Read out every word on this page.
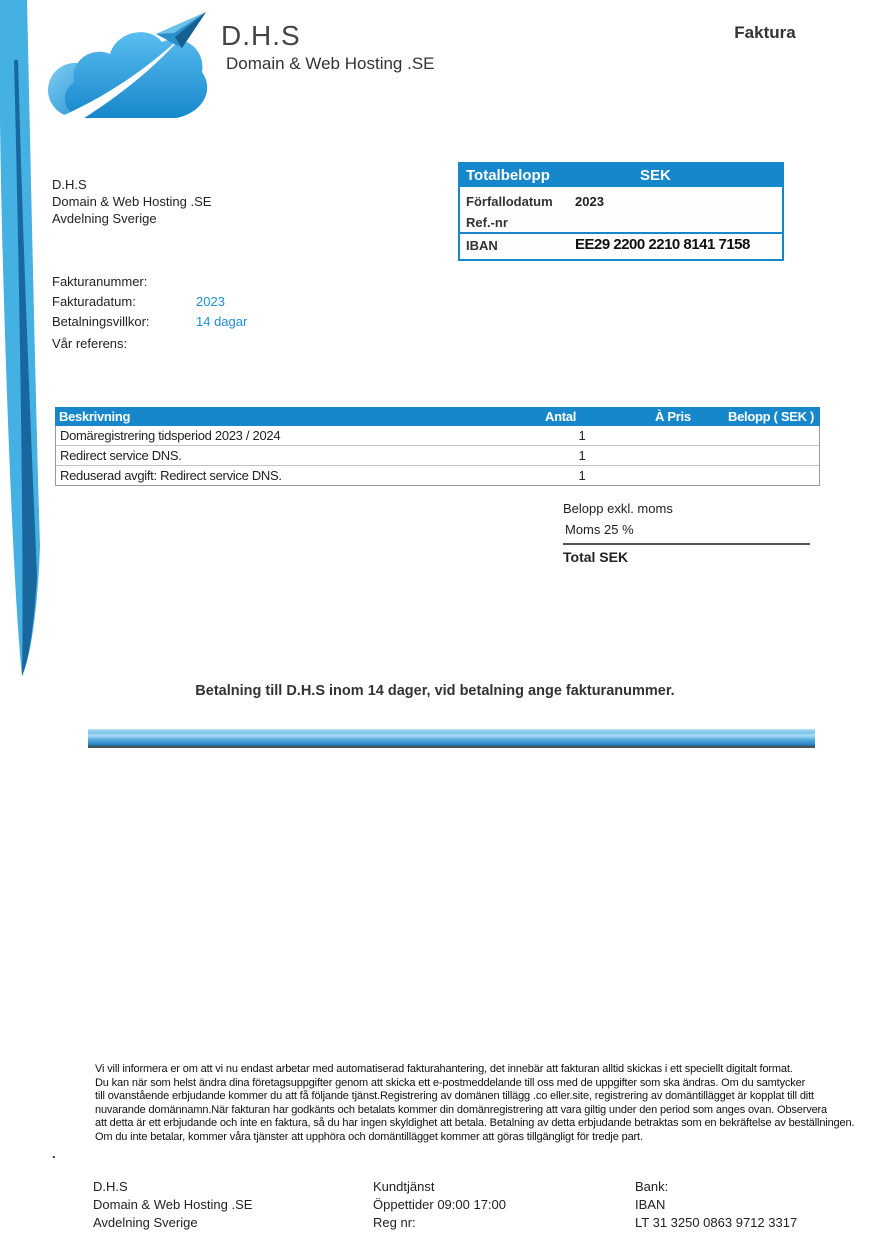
D.H.S
Domain & Web Hosting .SE
Faktura
D.H.S
Domain & Web Hosting .SE
Avdelning Sverige
Totalbelopp	SEK
Förfallodatum 2023
Ref.-nr
IBAN	EE29 2200 2210 8141 7158
Fakturanummer:
Fakturadatum:	2023
Betalningsvillkor:	14 dagar
Vår referens:
Beskrivning	Antal	À Pris	Belopp ( SEK )
Domäregistrering tidsperiod 2023 / 2024	1
Redirect service DNS.	1
Reduserad avgift: Redirect service DNS.	1
Belopp exkl. moms
Moms 25 %
Total SEK
Betalning till D.H.S inom 14 dager, vid betalning ange fakturanummer.
Vi vill informera er om att vi nu endast arbetar med automatiserad fakturahantering, det innebär att fakturan alltid skickas i ett speciellt digitalt format.
Du kan när som helst ändra dina företagsuppgifter genom att skicka ett e-postmeddelande till oss med de uppgifter som ska ändras. Om du samtycker
till ovanstående erbjudande kommer du att få följande tjänst.Registrering av domänen tillägg .co eller.site, registrering av domäntillägget är kopplat till ditt
nuvarande domännamn.När fakturan har godkänts och betalats kommer din domänregistrering att vara giltig under den period som anges ovan. Observera
att detta är ett erbjudande och inte en faktura, så du har ingen skyldighet att betala. Betalning av detta erbjudande betraktas som en bekräftelse av beställningen.
Om du inte betalar, kommer våra tjänster att upphöra och domäntillägget kommer att göras tillgängligt för tredje part.
.
D.H.S
Domain & Web Hosting .SE
Avdelning Sverige
Kundtjänst
Öppettider 09:00 17:00
Reg nr:
Bank:
IBAN
LT 31 3250 0863 9712 3317
